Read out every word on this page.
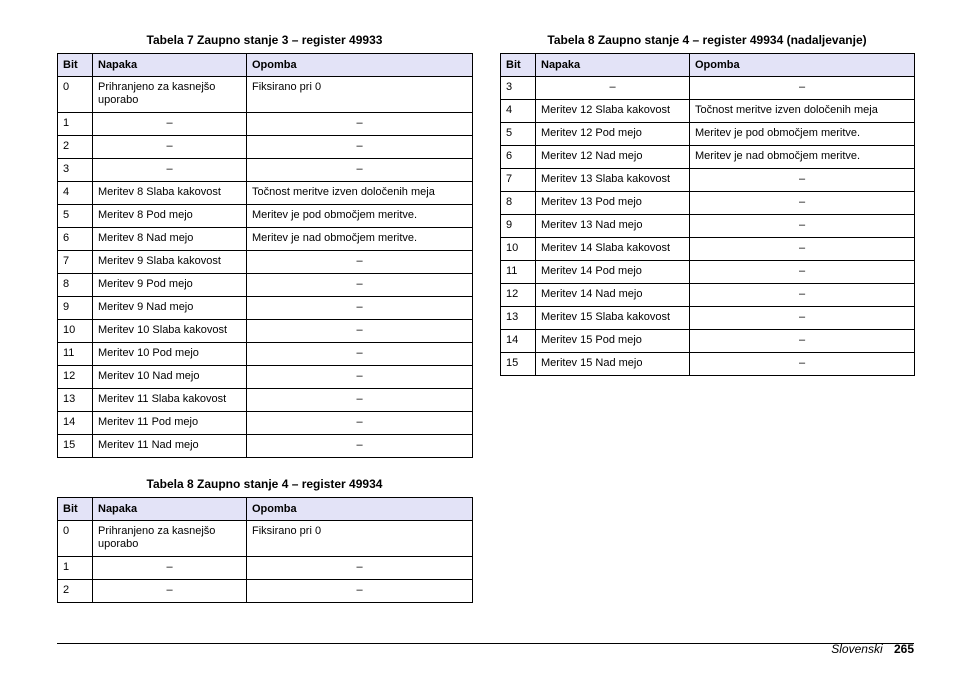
Tabela 7 Zaupno stanje 3 – register 49933
Bit	Napaka	Opomba
0	Prihranjeno za kasnejšo uporabo	Fiksirano pri 0
1	–	–
2	–	–
3	–	–
4	Meritev 8 Slaba kakovost	Točnost meritve izven določenih meja
5	Meritev 8 Pod mejo	Meritev je pod območjem meritve.
6	Meritev 8 Nad mejo	Meritev je nad območjem meritve.
7	Meritev 9 Slaba kakovost	–
8	Meritev 9 Pod mejo	–
9	Meritev 9 Nad mejo	–
10	Meritev 10 Slaba kakovost	–
11	Meritev 10 Pod mejo	–
12	Meritev 10 Nad mejo	–
13	Meritev 11 Slaba kakovost	–
14	Meritev 11 Pod mejo	–
15	Meritev 11 Nad mejo	–
Tabela 8 Zaupno stanje 4 – register 49934
Bit	Napaka	Opomba
0	Prihranjeno za kasnejšo uporabo	Fiksirano pri 0
1	–	–
2	–	–
Tabela 8 Zaupno stanje 4 – register 49934 (nadaljevanje)
Bit	Napaka	Opomba
3	–	–
4	Meritev 12 Slaba kakovost	Točnost meritve izven določenih meja
5	Meritev 12 Pod mejo	Meritev je pod območjem meritve.
6	Meritev 12 Nad mejo	Meritev je nad območjem meritve.
7	Meritev 13 Slaba kakovost	–
8	Meritev 13 Pod mejo	–
9	Meritev 13 Nad mejo	–
10	Meritev 14 Slaba kakovost	–
11	Meritev 14 Pod mejo	–
12	Meritev 14 Nad mejo	–
13	Meritev 15 Slaba kakovost	–
14	Meritev 15 Pod mejo	–
15	Meritev 15 Nad mejo	–
Slovenski 265
